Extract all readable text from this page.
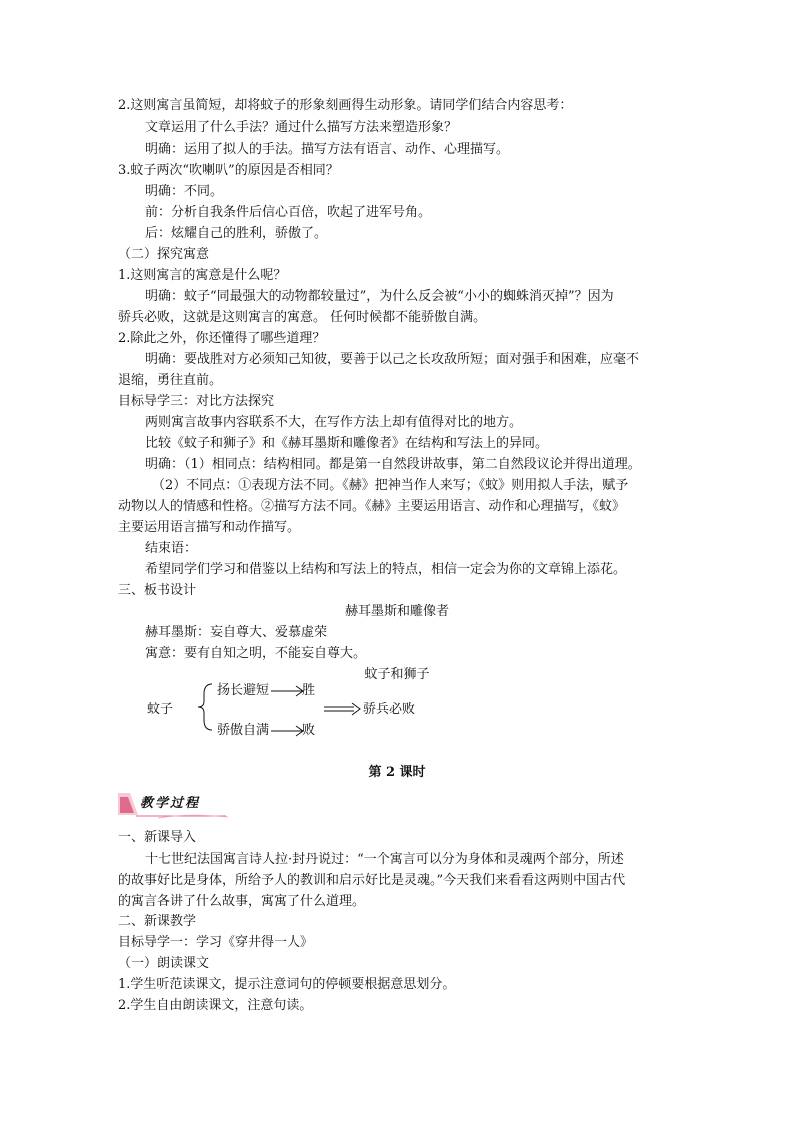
2.这则寓言虽简短，却将蚊子的形象刻画得生动形象。请同学们结合内容思考：
文章运用了什么手法？通过什么描写方法来塑造形象？
明确：运用了拟人的手法。描写方法有语言、动作、心理描写。
3.蚊子两次“吹喇叭”的原因是否相同？
明确：不同。
前：分析自我条件后信心百倍，吹起了进军号角。
后：炫耀自己的胜利，骄傲了。
（二）探究寓意
1.这则寓言的寓意是什么呢？
明确：蚊子“同最强大的动物都较量过”，为什么反会被“小小的蜘蛛消灭掉”？因为
骄兵必败，这就是这则寓言的寓意。 任何时候都不能骄傲自满。
2.除此之外，你还懂得了哪些道理？
明确：要战胜对方必须知己知彼，要善于以己之长攻敌所短；面对强手和困难，应毫不
退缩，勇往直前。
目标导学三：对比方法探究
两则寓言故事内容联系不大，在写作方法上却有值得对比的地方。
比较《蚊子和狮子》和《赫耳墨斯和雕像者》在结构和写法上的异同。
明确：（1）相同点：结构相同。都是第一自然段讲故事，第二自然段议论并得出道理。
（2）不同点：①表现方法不同。《赫》把神当作人来写；《蚊》则用拟人手法，赋予
动物以人的情感和性格。②描写方法不同。《赫》主要运用语言、动作和心理描写，《蚊》
主要运用语言描写和动作描写。
结束语：
希望同学们学习和借鉴以上结构和写法上的特点，相信一定会为你的文章锦上添花。
三、板书设计
赫耳墨斯和雕像者
赫耳墨斯：妄自尊大、爱慕虚荣
寓意：要有自知之明，不能妄自尊大。
蚊子和狮子
蚊子
扬长避短	胜
骄兵必败
骄傲自满	败
第 2 课时
教学过程
一、新课导入
十七世纪法国寓言诗人拉·封丹说过：“一个寓言可以分为身体和灵魂两个部分，所述
的故事好比是身体，所给予人的教训和启示好比是灵魂。”今天我们来看看这两则中国古代
的寓言各讲了什么故事，寓寓了什么道理。
二、新课教学
目标导学一：学习《穿井得一人》
（一）朗读课文
1.学生听范读课文，提示注意词句的停顿要根据意思划分。
2.学生自由朗读课文，注意句读。
